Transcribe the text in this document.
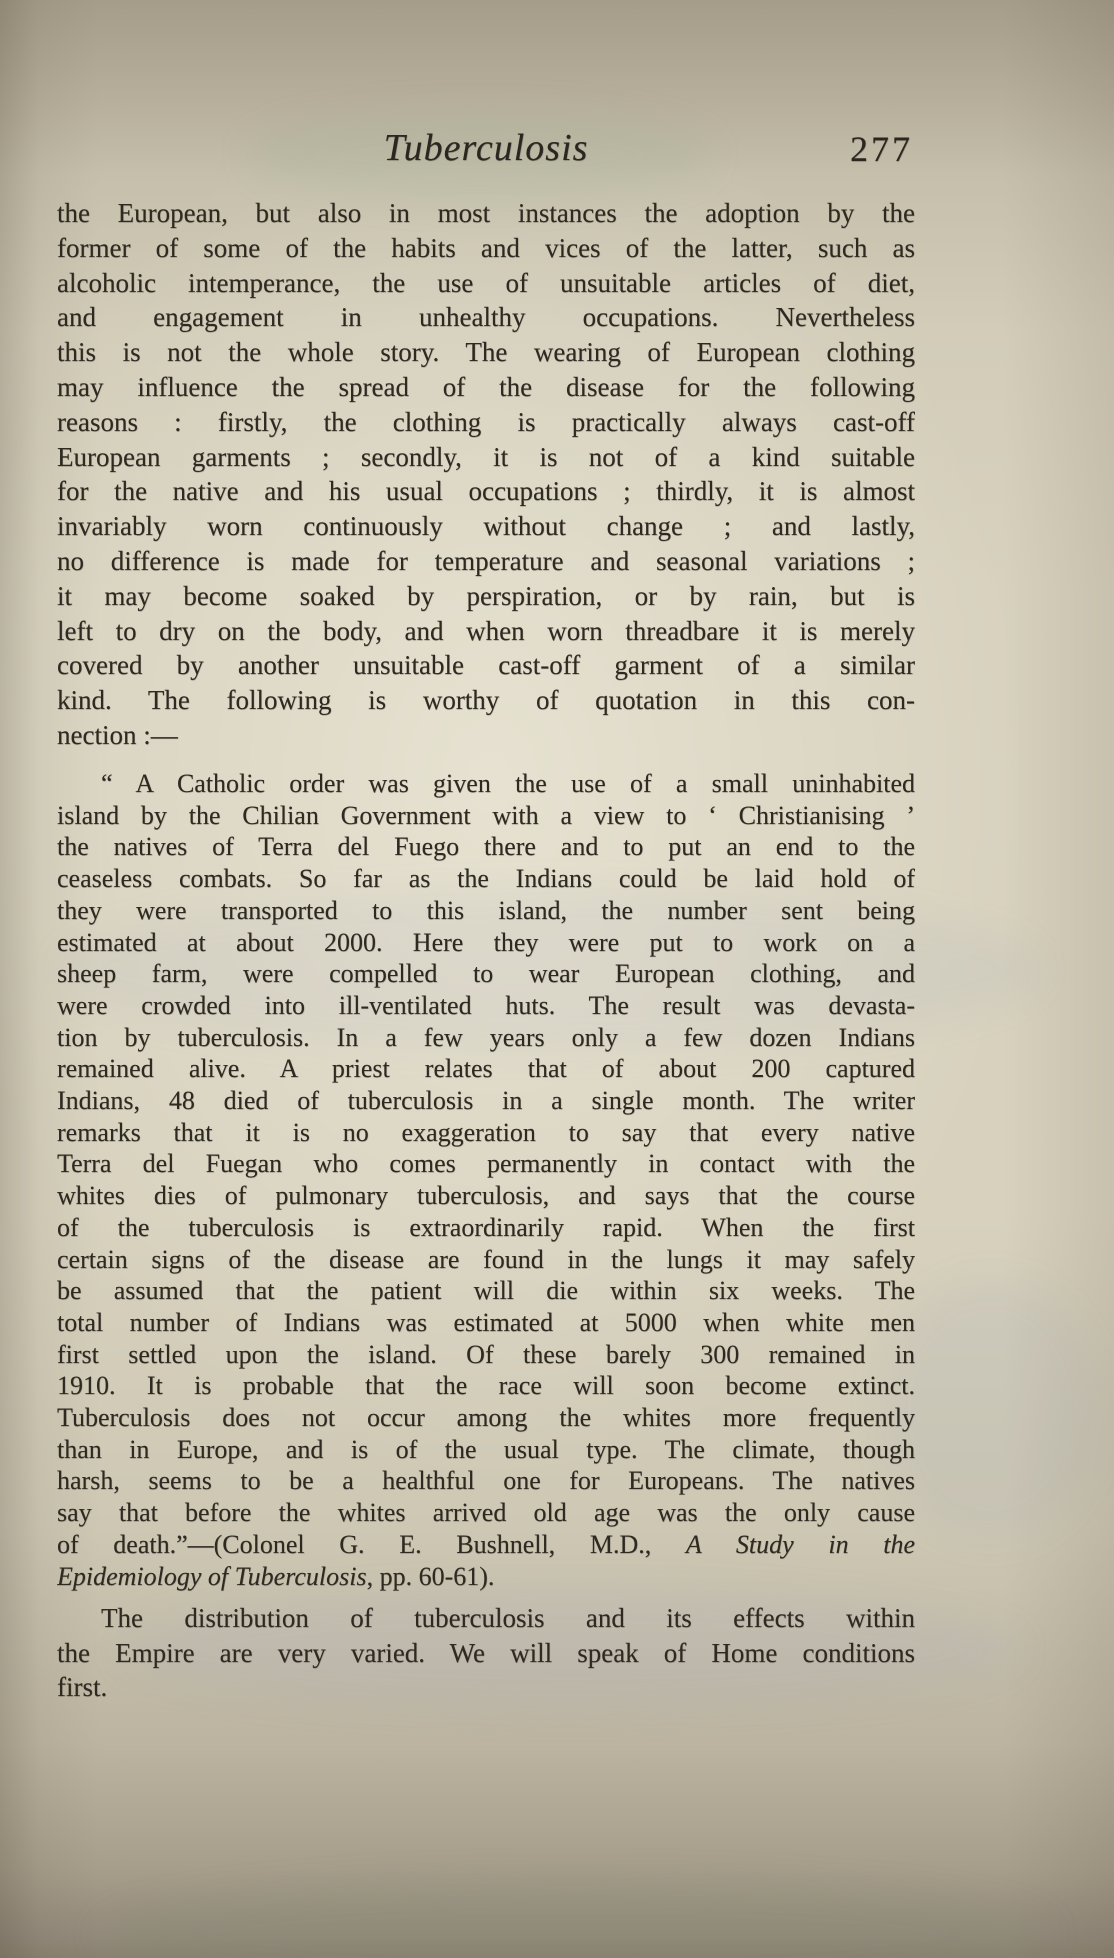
Tuberculosis	277
the European, but also in most instances the adoption by the
former of some of the habits and vices of the latter, such as
alcoholic intemperance, the use of unsuitable articles of diet,
and engagement in unhealthy occupations. Nevertheless
this is not the whole story. The wearing of European clothing
may influence the spread of the disease for the following
reasons : firstly, the clothing is practically always cast-off
European garments ; secondly, it is not of a kind suitable
for the native and his usual occupations ; thirdly, it is almost
invariably worn continuously without change ; and lastly,
no difference is made for temperature and seasonal variations ;
it may become soaked by perspiration, or by rain, but is
left to dry on the body, and when worn threadbare it is merely
covered by another unsuitable cast-off garment of a similar
kind. The following is worthy of quotation in this con-
nection :—
“ A Catholic order was given the use of a small uninhabited
island by the Chilian Government with a view to ‘ Christianising ’
the natives of Terra del Fuego there and to put an end to the
ceaseless combats. So far as the Indians could be laid hold of
they were transported to this island, the number sent being
estimated at about 2000. Here they were put to work on a
sheep farm, were compelled to wear European clothing, and
were crowded into ill-ventilated huts. The result was devasta-
tion by tuberculosis. In a few years only a few dozen Indians
remained alive. A priest relates that of about 200 captured
Indians, 48 died of tuberculosis in a single month. The writer
remarks that it is no exaggeration to say that every native
Terra del Fuegan who comes permanently in contact with the
whites dies of pulmonary tuberculosis, and says that the course
of the tuberculosis is extraordinarily rapid. When the first
certain signs of the disease are found in the lungs it may safely
be assumed that the patient will die within six weeks. The
total number of Indians was estimated at 5000 when white men
first settled upon the island. Of these barely 300 remained in
1910. It is probable that the race will soon become extinct.
Tuberculosis does not occur among the whites more frequently
than in Europe, and is of the usual type. The climate, though
harsh, seems to be a healthful one for Europeans. The natives
say that before the whites arrived old age was the only cause
of death.”—(Colonel G. E. Bushnell, M.D., A Study in the
Epidemiology of Tuberculosis, pp. 60-61).
The distribution of tuberculosis and its effects within
the Empire are very varied. We will speak of Home conditions
first.
